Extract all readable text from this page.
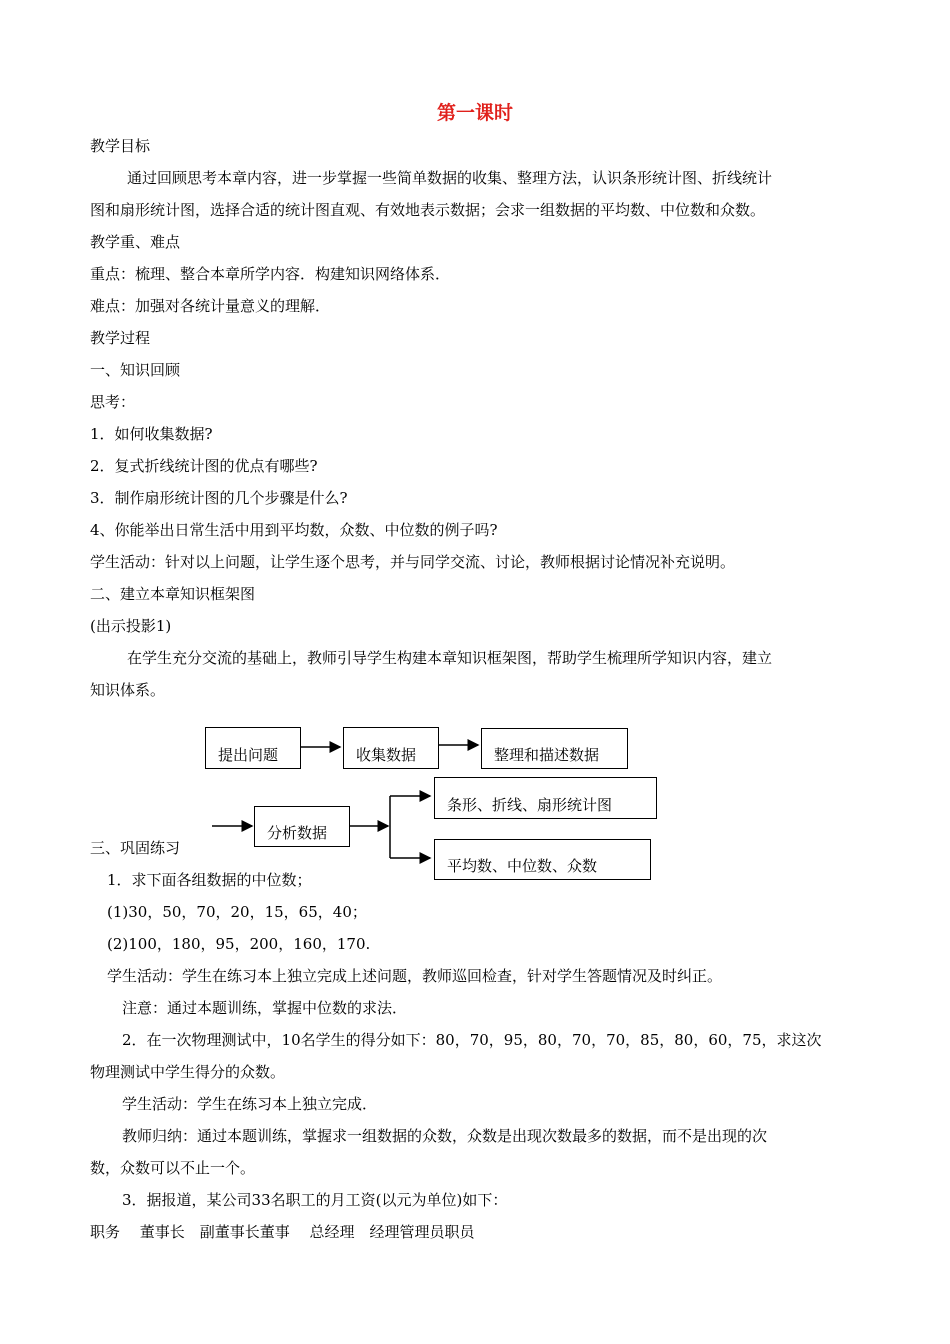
第一课时
教学目标
通过回顾思考本章内容，进一步掌握一些简单数据的收集、整理方法，认识条形统计图、折线统计
图和扇形统计图，选择合适的统计图直观、有效地表示数据；会求一组数据的平均数、中位数和众数。
教学重、难点
重点：梳理、整合本章所学内容．构建知识网络体系．
难点：加强对各统计量意义的理解．
教学过程
一、知识回顾
思考：
1．如何收集数据?
2．复式折线统计图的优点有哪些?
3．制作扇形统计图的几个步骤是什么?
4、你能举出日常生活中用到平均数，众数、中位数的例子吗?
学生活动：针对以上问题，让学生逐个思考，并与同学交流、讨论，教师根据讨论情况补充说明。
二、建立本章知识框架图
(出示投影1)
在学生充分交流的基础上，教师引导学生构建本章知识框架图，帮助学生梳理所学知识内容，建立
知识体系。
提出问题	收集数据	整理和描述数据
分析数据
条形、折线、扇形统计图
平均数、中位数、众数
三、巩固练习
1．求下面各组数据的中位数；
(1)30，50，70，20，15，65，40；
(2)100，180，95，200，160，170.
学生活动：学生在练习本上独立完成上述问题，教师巡回检查，针对学生答题情况及时纠正。
注意：通过本题训练，掌握中位数的求法．
2．在一次物理测试中，10名学生的得分如下：80，70，95，80，70，70，85，80，60，75，求这次
物理测试中学生得分的众数。
学生活动：学生在练习本上独立完成．
教师归纳：通过本题训练，掌握求一组数据的众数，众数是出现次数最多的数据，而不是出现的次
数，众数可以不止一个。
3．据报道，某公司33名职工的月工资(以元为单位)如下：
职务　 董事长　副董事长董事　 总经理　经理管理员职员
